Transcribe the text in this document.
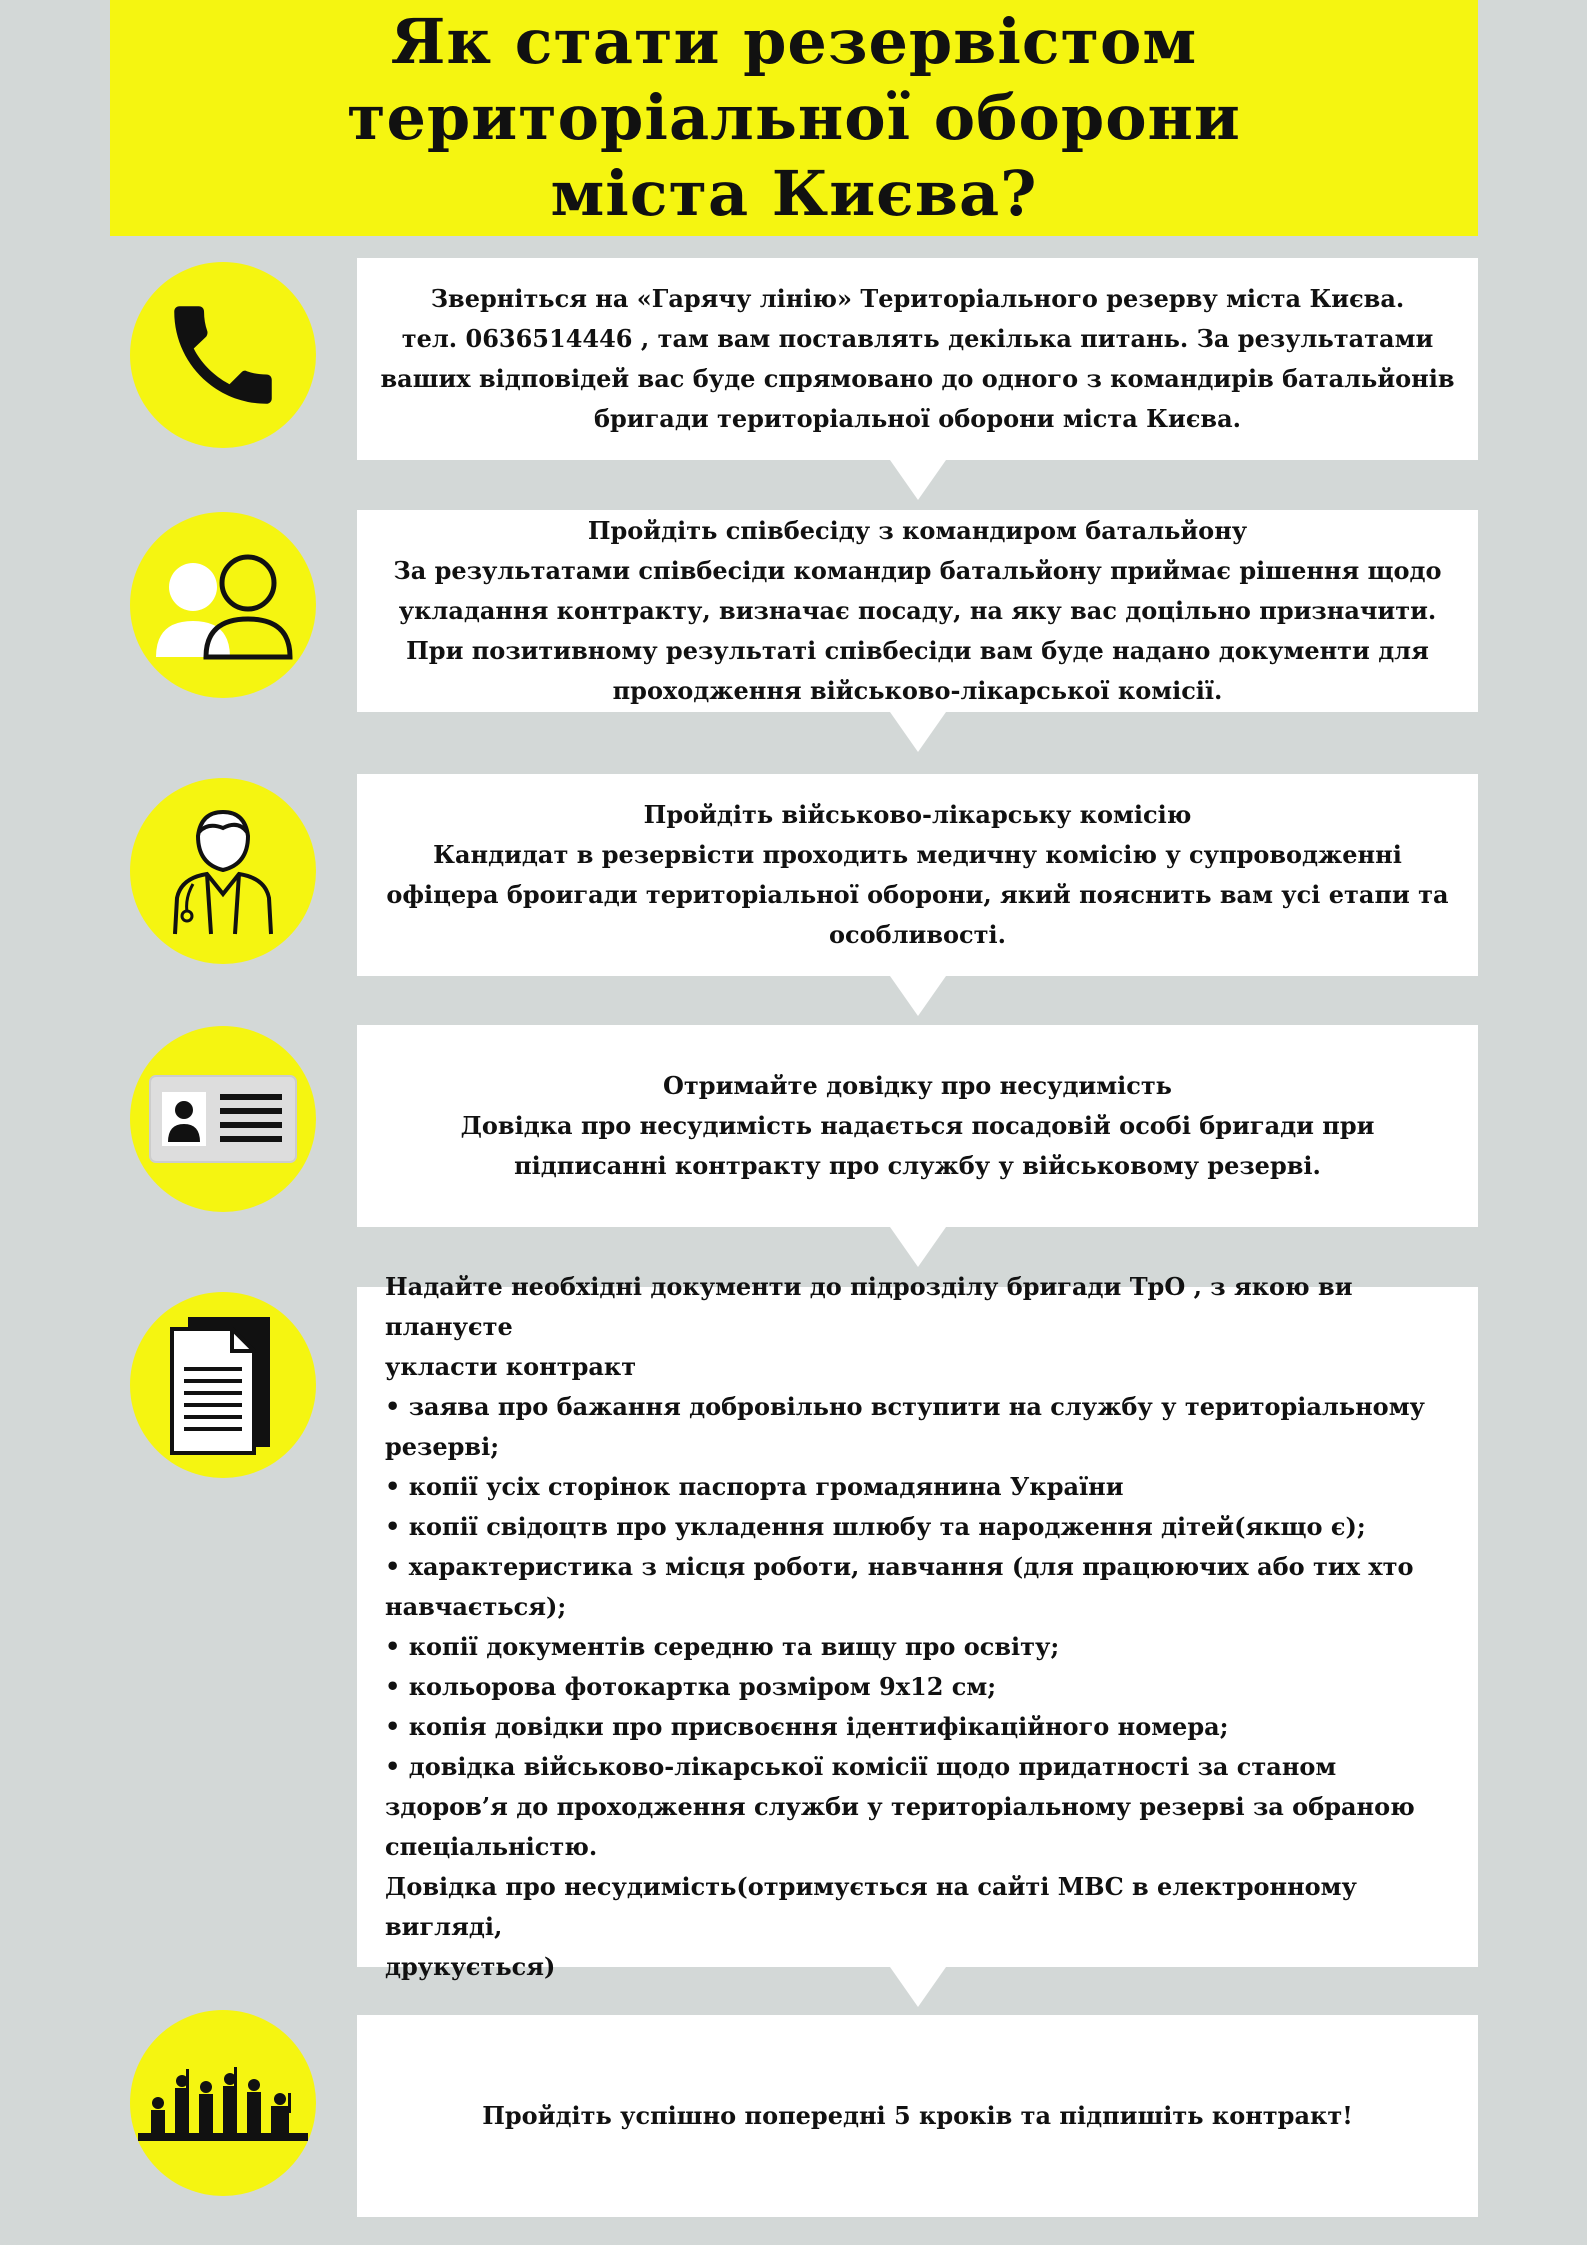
Як стати резервістом
територіальної оборони
міста Києва?

Зверніться на «Гарячу лінію» Територіального резерву міста Києва.

тел. 0636514446 , там вам поставлять декілька питань. За результатами

ваших відповідей вас буде спрямовано до одного з командирів батальйонів

бригади територіальної оборони міста Києва.

Пройдіть співбесіду з командиром батальйону

За результатами співбесіди командир батальйону приймає рішення щодо

укладання контракту, визначає посаду, на яку вас доцільно призначити.

При позитивному результаті співбесіди вам буде надано документи для

проходження військово-лікарської комісії.

Пройдіть військово-лікарську комісію

Кандидат в резервісти проходить медичну комісію у супроводженні

офіцера броигади територіальної оборони, який пояснить вам усі етапи та

особливості.

Отримайте довідку про несудимість

Довідка про несудимість надається посадовій особі бригади при

підписанні контракту про службу у військовому резерві.

Надайте необхідні документи до підрозділу бригади ТрО , з якою ви плануєте

укласти контракт

• заява про бажання добровільно вступити на службу у територіальному

резерві;

• копії усіх сторінок паспорта громадянина України

• копії свідоцтв про укладення шлюбу та народження дітей(якщо є);

• характеристика з місця роботи, навчання (для працюючих або тих хто

навчається);

• копії документів середню та вищу про освіту;

• кольорова фотокартка розміром 9x12 см;

• копія довідки про присвоєння ідентифікаційного номера;

• довідка військово-лікарської комісії щодо придатності за станом

здоров’я до проходження служби у територіальному резерві за обраною

спеціальністю.

Довідка про несудимість(отримується на сайті МВС в електронному вигляді,

друкується)

Пройдіть успішно попередні 5 кроків та підпишіть контракт!
